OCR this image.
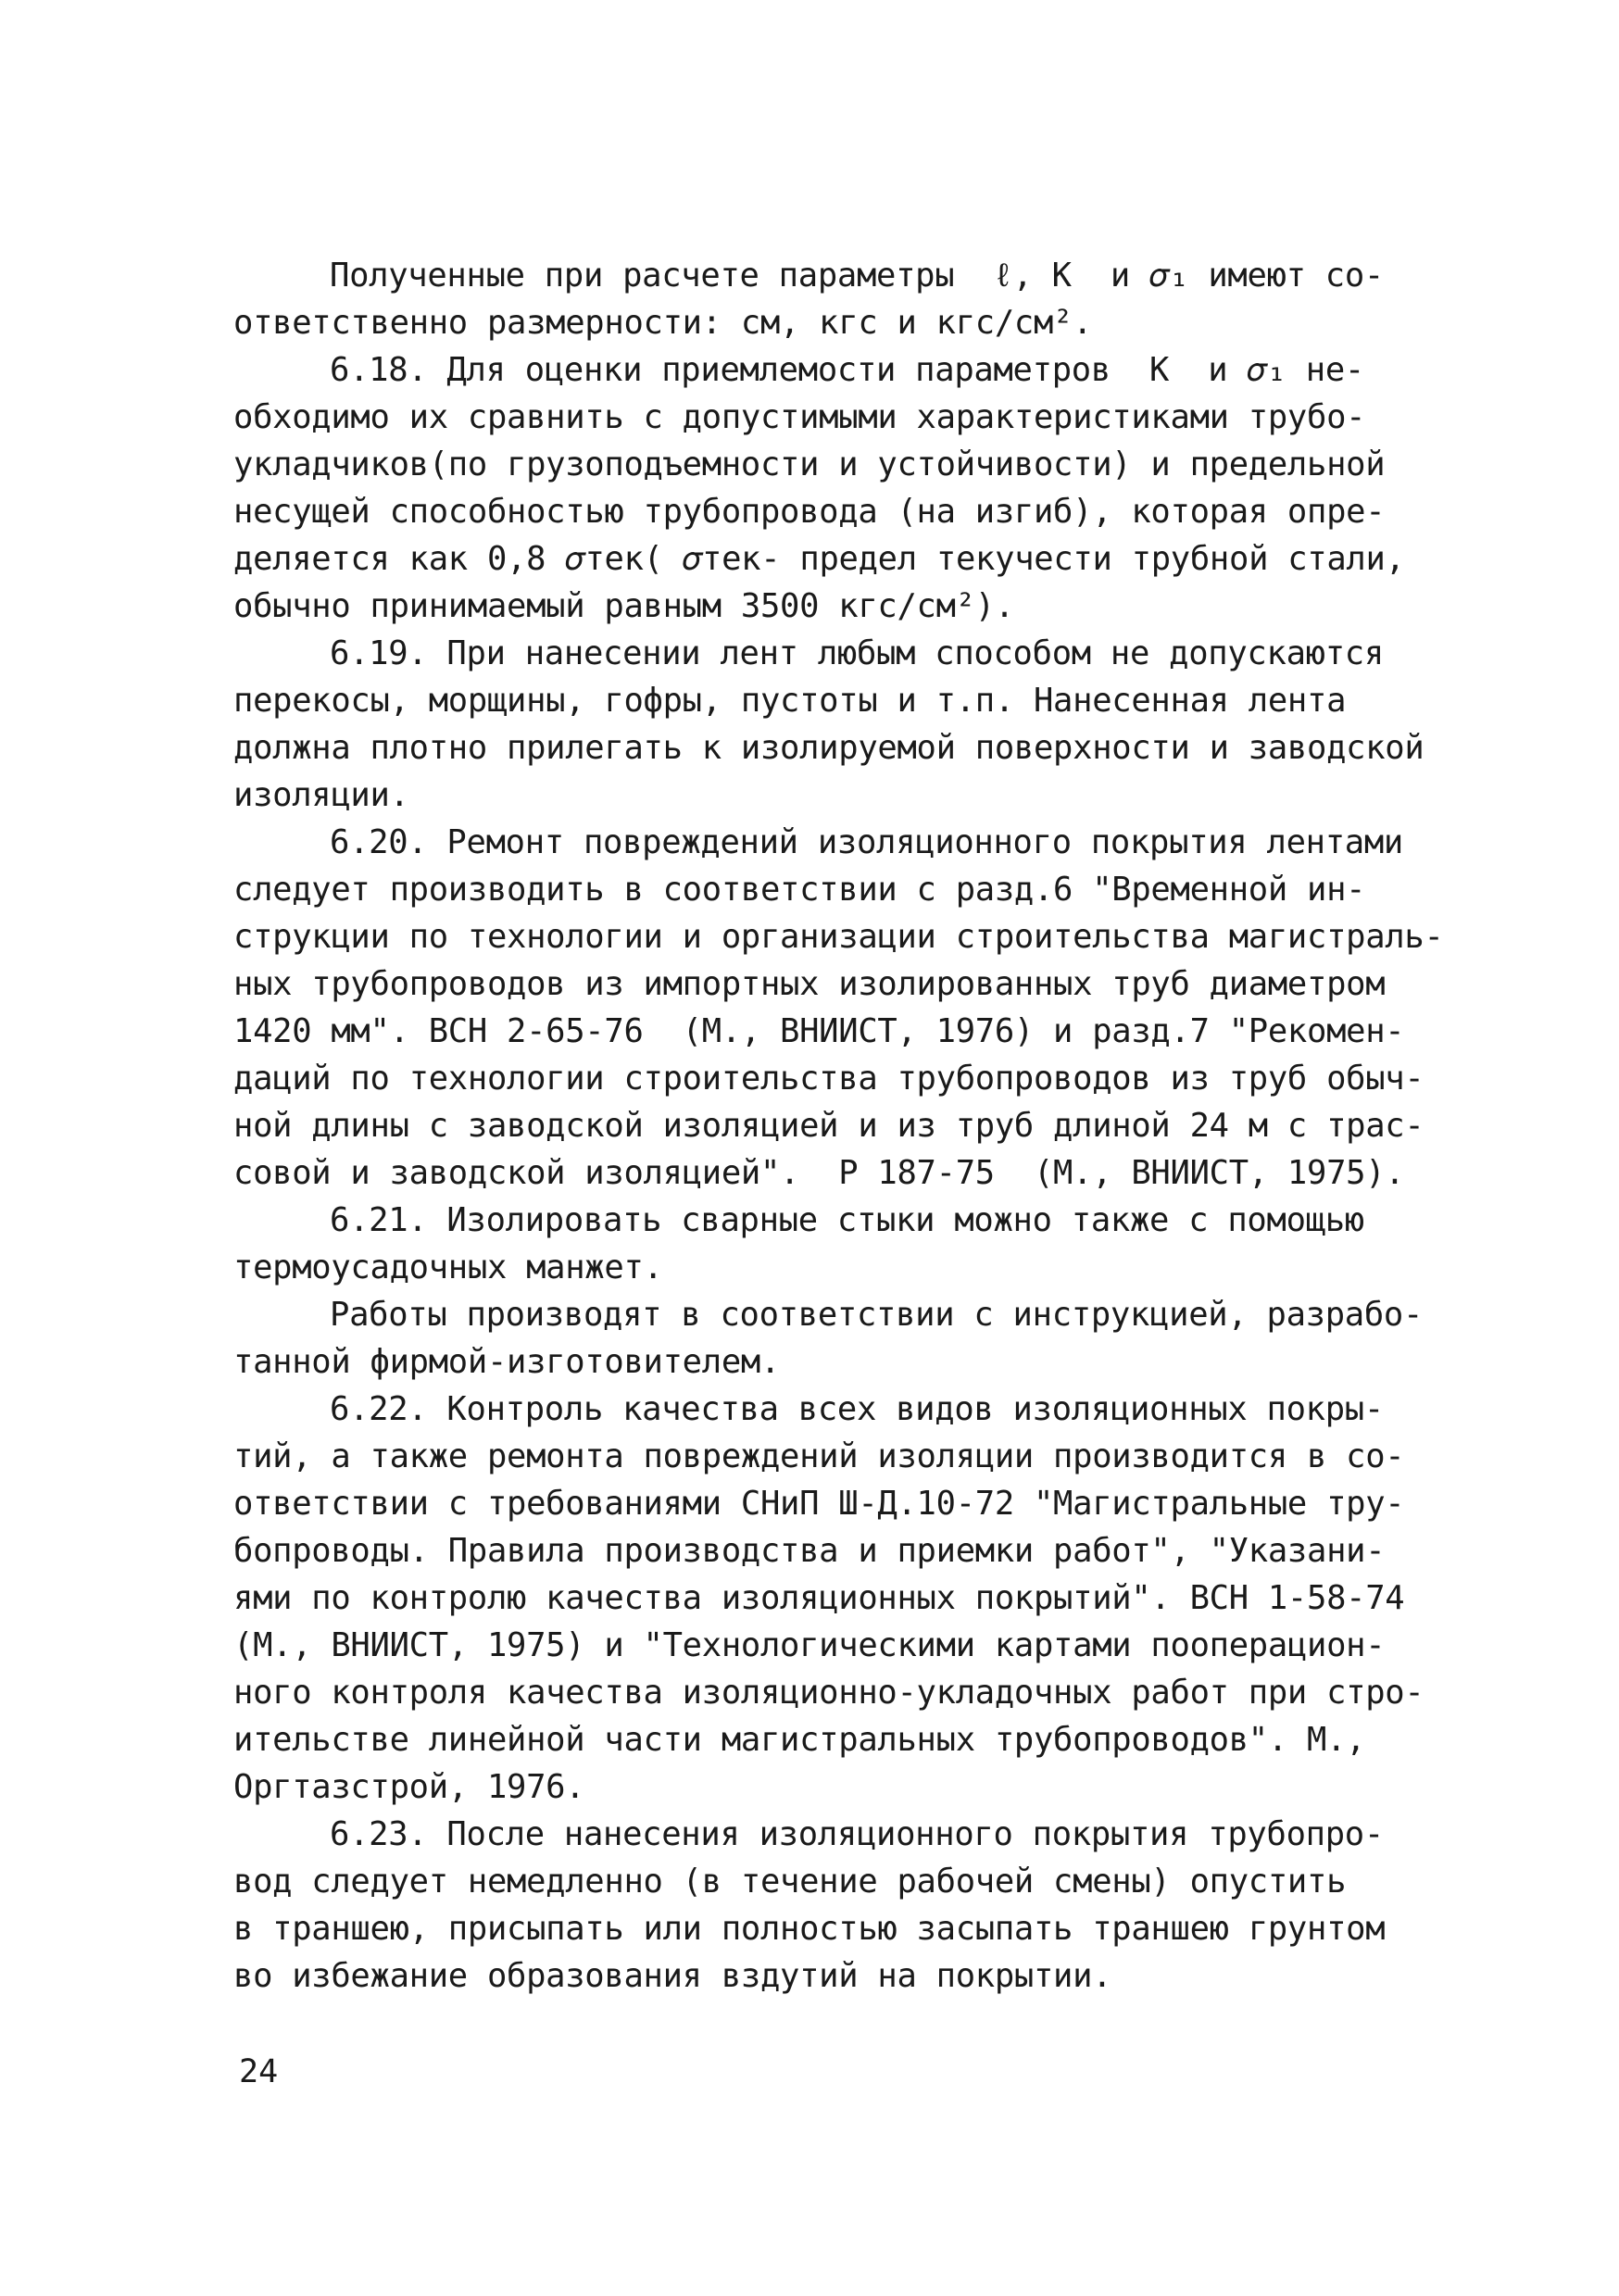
Полученные при расчете параметры  ℓ, K  и 𝜎₁ имеют со-
ответственно размерности: см, кгс и кгс/см².
6.18. Для оценки приемлемости параметров  K  и 𝜎₁ не-
обходимо их сравнить с допустимыми характеристиками трубо-
укладчиков(по грузоподъемности и устойчивости) и предельной
несущей способностью трубопровода (на изгиб), которая опре-
деляется как 0,8 𝜎тек( 𝜎тек- предел текучести трубной стали,
обычно принимаемый равным 3500 кгс/см²).
6.19. При нанесении лент любым способом не допускаются
перекосы, морщины, гофры, пустоты и т.п. Нанесенная лента
должна плотно прилегать к изолируемой поверхности и заводской
изоляции.
6.20. Ремонт повреждений изоляционного покрытия лентами
следует производить в соответствии с разд.6 "Временной ин-
струкции по технологии и организации строительства магистраль-
ных трубопроводов из импортных изолированных труб диаметром
1420 мм". ВСН 2-65-76  (М., ВНИИСТ, 1976) и разд.7 "Рекомен-
даций по технологии строительства трубопроводов из труб обыч-
ной длины с заводской изоляцией и из труб длиной 24 м с трас-
совой и заводской изоляцией".  Р 187-75  (М., ВНИИСТ, 1975).
6.21. Изолировать сварные стыки можно также с помощью
термоусадочных манжет.
Работы производят в соответствии с инструкцией, разрабо-
танной фирмой-изготовителем.
6.22. Контроль качества всех видов изоляционных покры-
тий, а также ремонта повреждений изоляции производится в со-
ответствии с требованиями СНиП Ш-Д.10-72 "Магистральные тру-
бопроводы. Правила производства и приемки работ", "Указани-
ями по контролю качества изоляционных покрытий". ВСН 1-58-74
(М., ВНИИСТ, 1975) и "Технологическими картами пооперацион-
ного контроля качества изоляционно-укладочных работ при стро-
ительстве линейной части магистральных трубопроводов". М.,
Оргтазстрой, 1976.
6.23. После нанесения изоляционного покрытия трубопро-
вод следует немедленно (в течение рабочей смены) опустить
в траншею, присыпать или полностью засыпать траншею грунтом
во избежание образования вздутий на покрытии.
24
